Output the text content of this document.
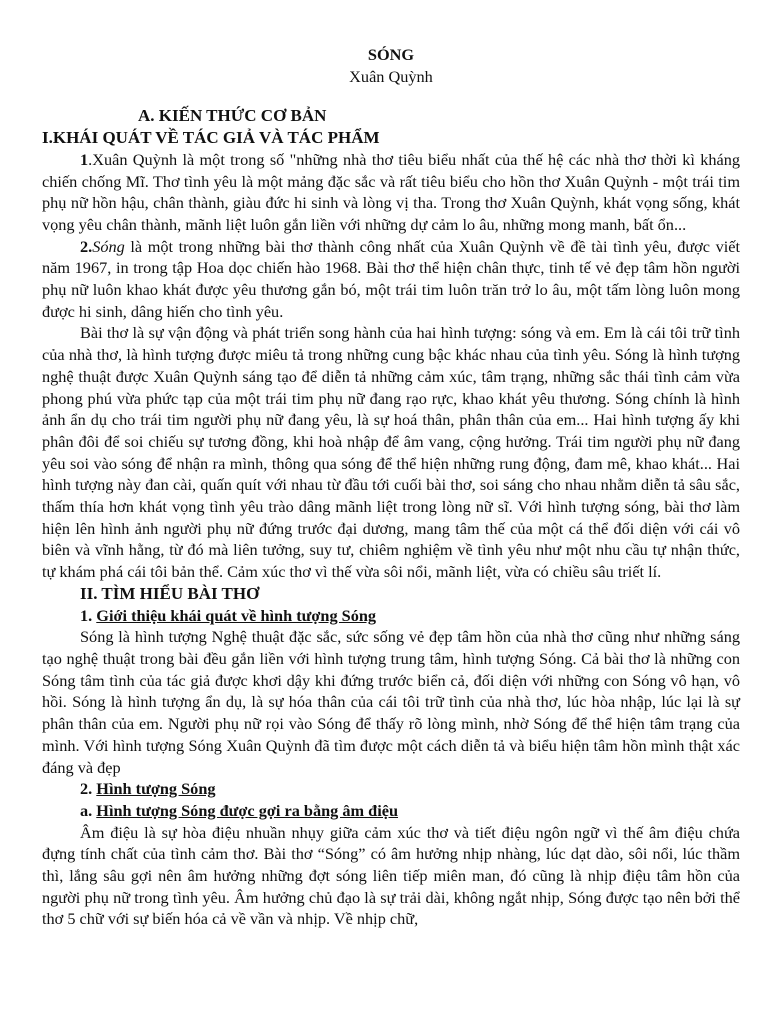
SÓNG
Xuân Quỳnh
A. KIẾN THỨC CƠ BẢN
I.KHÁI QUÁT VỀ TÁC GIẢ VÀ TÁC PHẨM

1.Xuân Quỳnh là một trong số "những nhà thơ tiêu biểu nhất của thế hệ các nhà thơ thời kì kháng chiến chống Mĩ. Thơ tình yêu là một mảng đặc sắc và rất tiêu biểu cho hồn thơ Xuân Quỳnh - một trái tim phụ nữ hồn hậu, chân thành, giàu đức hi sinh và lòng vị tha. Trong thơ Xuân Quỳnh, khát vọng sống, khát vọng yêu chân thành, mãnh liệt luôn gắn liền với những dự cảm lo âu, những mong manh, bất ổn...

2.Sóng là một trong những bài thơ thành công nhất của Xuân Quỳnh về đề tài tình yêu, được viết năm 1967, in trong tập Hoa dọc chiến hào 1968. Bài thơ thể hiện chân thực, tinh tế vẻ đẹp tâm hồn người phụ nữ luôn khao khát được yêu thương gắn bó, một trái tim luôn trăn trở lo âu, một tấm lòng luôn mong được hi sinh, dâng hiến cho tình yêu.

Bài thơ là sự vận động và phát triển song hành của hai hình tượng: sóng và em. Em là cái tôi trữ tình của nhà thơ, là hình tượng được miêu tả trong những cung bậc khác nhau của tình yêu. Sóng là hình tượng nghệ thuật được Xuân Quỳnh sáng tạo để diễn tả những cảm xúc, tâm trạng, những sắc thái tình cảm vừa phong phú vừa phức tạp của một trái tim phụ nữ đang rạo rực, khao khát yêu thương. Sóng chính là hình ảnh ẩn dụ cho trái tim người phụ nữ đang yêu, là sự hoá thân, phân thân của em... Hai hình tượng ấy khi phân đôi để soi chiếu sự tương đồng, khi hoà nhập để âm vang, cộng hưởng. Trái tim người phụ nữ đang yêu soi vào sóng để nhận ra mình, thông qua sóng để thể hiện những rung động, đam mê, khao khát... Hai hình tượng này đan cài, quấn quít với nhau từ đầu tới cuối bài thơ, soi sáng cho nhau nhằm diễn tả sâu sắc, thấm thía hơn khát vọng tình yêu trào dâng mãnh liệt trong lòng nữ sĩ. Với hình tượng sóng, bài thơ làm hiện lên hình ảnh người phụ nữ đứng trước đại dương, mang tâm thế của một cá thể đối diện với cái vô biên và vĩnh hằng, từ đó mà liên tưởng, suy tư, chiêm nghiệm về tình yêu như một nhu cầu tự nhận thức, tự khám phá cái tôi bản thể. Cảm xúc thơ vì thế vừa sôi nổi, mãnh liệt, vừa có chiều sâu triết lí.

II. TÌM HIỂU BÀI THƠ
1. Giới thiệu khái quát về hình tượng Sóng

Sóng là hình tượng Nghệ thuật đặc sắc, sức sống vẻ đẹp tâm hồn của nhà thơ cũng như những sáng tạo nghệ thuật trong bài đều gắn liền với hình tượng trung tâm, hình tượng Sóng. Cả bài thơ là những con Sóng tâm tình của tác giả được khơi dậy khi đứng trước biển cả, đối diện với những con Sóng vô hạn, vô hồi. Sóng là hình tượng ẩn dụ, là sự hóa thân của cái tôi trữ tình của nhà thơ, lúc hòa nhập, lúc lại là sự phân thân của em. Người phụ nữ rọi vào Sóng để thấy rõ lòng mình, nhờ Sóng để thể hiện tâm trạng của mình. Với hình tượng Sóng Xuân Quỳnh đã tìm được một cách diễn tả và biểu hiện tâm hồn mình thật xác đáng và đẹp

2. Hình tượng Sóng
a. Hình tượng Sóng được gợi ra bằng âm điệu

Âm điệu là sự hòa điệu nhuần nhụy giữa cảm xúc thơ và tiết điệu ngôn ngữ vì thế âm điệu chứa đựng tính chất của tình cảm thơ. Bài thơ “Sóng” có âm hưởng nhịp nhàng, lúc dạt dào, sôi nổi, lúc thầm thì, lắng sâu gợi nên âm hưởng những đợt sóng liên tiếp miên man, đó cũng là nhịp điệu tâm hồn của người phụ nữ trong tình yêu. Âm hưởng chủ đạo là sự trải dài, không ngắt nhịp, Sóng được tạo nên bởi thể thơ 5 chữ với sự biến hóa cả về vần và nhịp. Về nhịp chữ,
